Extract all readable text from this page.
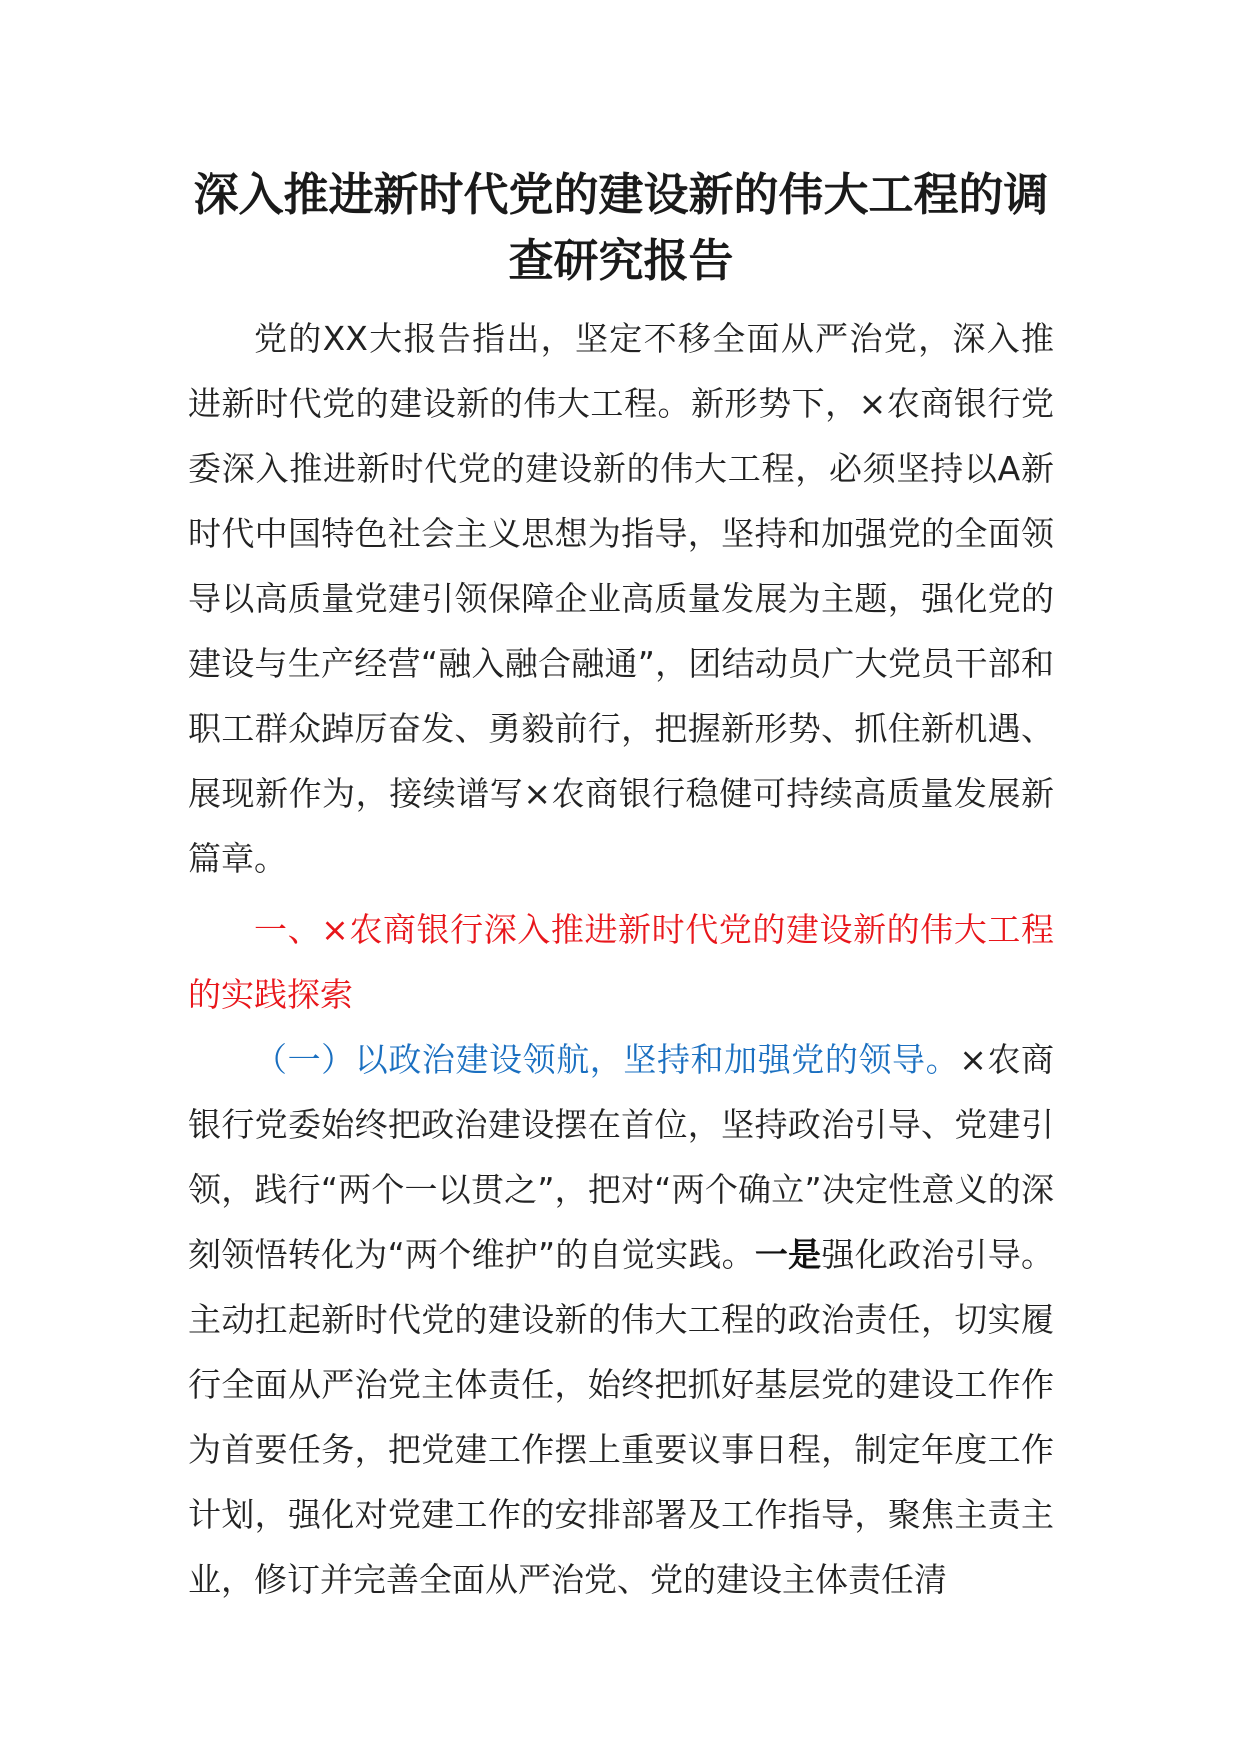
深入推进新时代党的建设新的伟大工程的调查研究报告

党的XX大报告指出，坚定不移全面从严治党，深入推进新时代党的建设新的伟大工程。新形势下，×农商银行党委深入推进新时代党的建设新的伟大工程，必须坚持以A新时代中国特色社会主义思想为指导，坚持和加强党的全面领导以高质量党建引领保障企业高质量发展为主题，强化党的建设与生产经营“融入融合融通”，团结动员广大党员干部和职工群众踔厉奋发、勇毅前行，把握新形势、抓住新机遇、展现新作为，接续谱写×农商银行稳健可持续高质量发展新篇章。

一、×农商银行深入推进新时代党的建设新的伟大工程的实践探索

（一）以政治建设领航，坚持和加强党的领导。×农商银行党委始终把政治建设摆在首位，坚持政治引导、党建引领，践行“两个一以贯之”，把对“两个确立”决定性意义的深刻领悟转化为“两个维护”的自觉实践。一是强化政治引导。主动扛起新时代党的建设新的伟大工程的政治责任，切实履行全面从严治党主体责任，始终把抓好基层党的建设工作作为首要任务，把党建工作摆上重要议事日程，制定年度工作计划，强化对党建工作的安排部署及工作指导，聚焦主责主业，修订并完善全面从严治党、党的建设主体责任清
